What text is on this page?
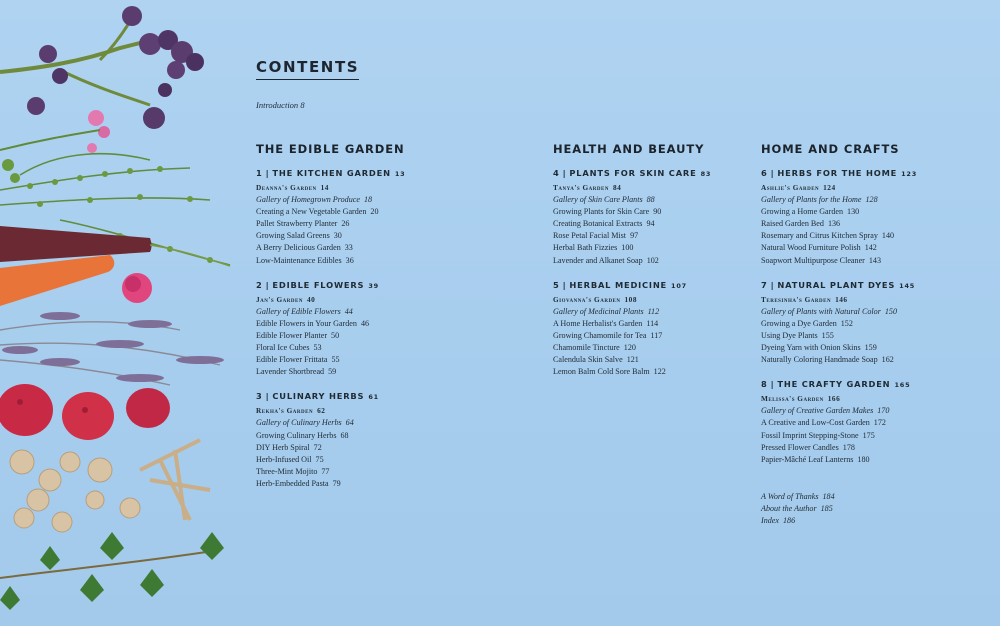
CONTENTS
Introduction 8
THE EDIBLE GARDEN
1 | THE KITCHEN GARDEN 13
Deanna's Garden 14
Gallery of Homegrown Produce 18
Creating a New Vegetable Garden 20
Pallet Strawberry Planter 26
Growing Salad Greens 30
A Berry Delicious Garden 33
Low-Maintenance Edibles 36
2 | EDIBLE FLOWERS 39
Jan's Garden 40
Gallery of Edible Flowers 44
Edible Flowers in Your Garden 46
Edible Flower Planter 50
Floral Ice Cubes 53
Edible Flower Frittata 55
Lavender Shortbread 59
3 | CULINARY HERBS 61
Rekha's Garden 62
Gallery of Culinary Herbs 64
Growing Culinary Herbs 68
DIY Herb Spiral 72
Herb-Infused Oil 75
Three-Mint Mojito 77
Herb-Embedded Pasta 79
HEALTH AND BEAUTY
4 | PLANTS FOR SKIN CARE 83
Tanya's Garden 84
Gallery of Skin Care Plants 88
Growing Plants for Skin Care 90
Creating Botanical Extracts 94
Rose Petal Facial Mist 97
Herbal Bath Fizzies 100
Lavender and Alkanet Soap 102
5 | HERBAL MEDICINE 107
Giovanna's Garden 108
Gallery of Medicinal Plants 112
A Home Herbalist's Garden 114
Growing Chamomile for Tea 117
Chamomile Tincture 120
Calendula Skin Salve 121
Lemon Balm Cold Sore Balm 122
HOME AND CRAFTS
6 | HERBS FOR THE HOME 123
Ashlie's Garden 124
Gallery of Plants for the Home 128
Growing a Home Garden 130
Raised Garden Bed 136
Rosemary and Citrus Kitchen Spray 140
Natural Wood Furniture Polish 142
Soapwort Multipurpose Cleaner 143
7 | NATURAL PLANT DYES 145
Teresinha's Garden 146
Gallery of Plants with Natural Color 150
Growing a Dye Garden 152
Using Dye Plants 155
Dyeing Yarn with Onion Skins 159
Naturally Coloring Handmade Soap 162
8 | THE CRAFTY GARDEN 165
Melissa's Garden 166
Gallery of Creative Garden Makes 170
A Creative and Low-Cost Garden 172
Fossil Imprint Stepping-Stone 175
Pressed Flower Candles 178
Papier-Mâché Leaf Lanterns 180
A Word of Thanks 184
About the Author 185
Index 186
